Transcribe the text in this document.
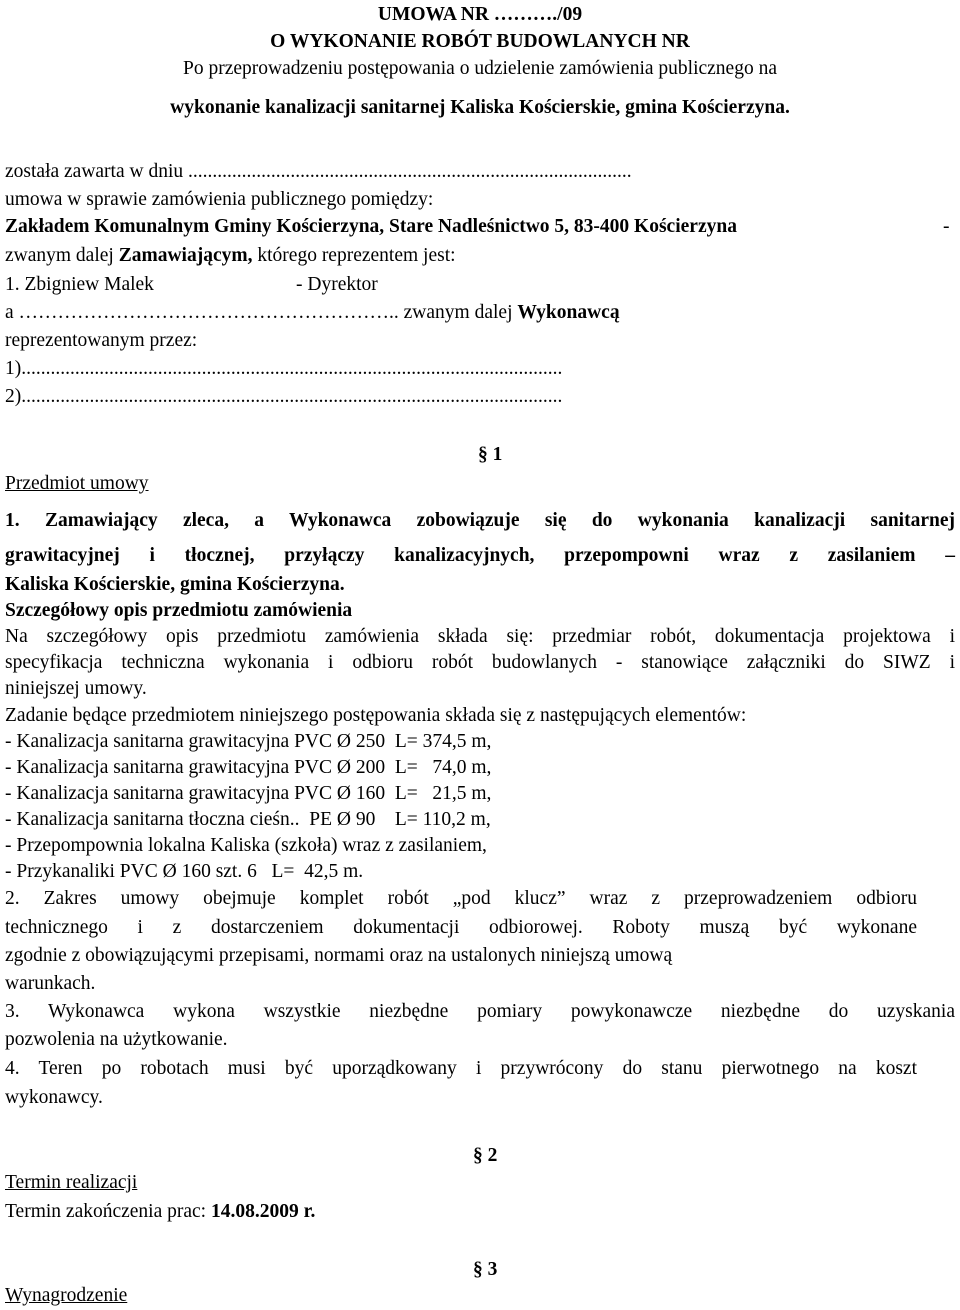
UMOWA NR ………./09
O WYKONANIE ROBÓT BUDOWLANYCH NR
Po przeprowadzeniu postępowania o udzielenie zamówienia publicznego na
wykonanie kanalizacji sanitarnej Kaliska Kościerskie, gmina Kościerzyna.
została zawarta w dniu ...........................................................................................
umowa w sprawie zamówienia publicznego pomiędzy:
Zakładem Komunalnym Gminy Kościerzyna, Stare Nadleśnictwo 5, 83-400 Kościerzyna	-
zwanym dalej Zamawiającym, którego reprezentem jest:
1. Zbigniew Malek	- Dyrektor
a ………………………………………………….. zwanym dalej Wykonawcą
reprezentowanym przez:
1)...............................................................................................................
2)...............................................................................................................
§ 1
Przedmiot umowy
1. Zamawiający zleca, a Wykonawca zobowiązuje się do wykonania kanalizacji sanitarnej
grawitacyjnej i tłocznej, przyłączy kanalizacyjnych, przepompowni wraz z zasilaniem –
Kaliska Kościerskie, gmina Kościerzyna.
Szczegółowy opis przedmiotu zamówienia
Na szczegółowy opis przedmiotu zamówienia składa się: przedmiar robót, dokumentacja projektowa i
specyfikacja techniczna wykonania i odbioru robót budowlanych - stanowiące załączniki do SIWZ i
niniejszej umowy.
Zadanie będące przedmiotem niniejszego postępowania składa się z następujących elementów:
- Kanalizacja sanitarna grawitacyjna PVC Ø 250  L= 374,5 m,
- Kanalizacja sanitarna grawitacyjna PVC Ø 200  L=   74,0 m,
- Kanalizacja sanitarna grawitacyjna PVC Ø 160  L=   21,5 m,
- Kanalizacja sanitarna tłoczna cieśn..  PE Ø 90    L= 110,2 m,
- Przepompownia lokalna Kaliska (szkoła) wraz z zasilaniem,
- Przykanaliki PVC Ø 160 szt. 6   L=  42,5 m.
2. Zakres umowy obejmuje komplet robót „pod klucz” wraz z przeprowadzeniem odbioru
technicznego i z dostarczeniem dokumentacji odbiorowej. Roboty muszą być wykonane
zgodnie z obowiązującymi przepisami, normami oraz na ustalonych niniejszą umową
warunkach.
3. Wykonawca wykona wszystkie niezbędne pomiary powykonawcze niezbędne do uzyskania
pozwolenia na użytkowanie.
4. Teren po robotach musi być uporządkowany i przywrócony do stanu pierwotnego na koszt
wykonawcy.
§ 2
Termin realizacji
Termin zakończenia prac: 14.08.2009 r.
§ 3
Wynagrodzenie
